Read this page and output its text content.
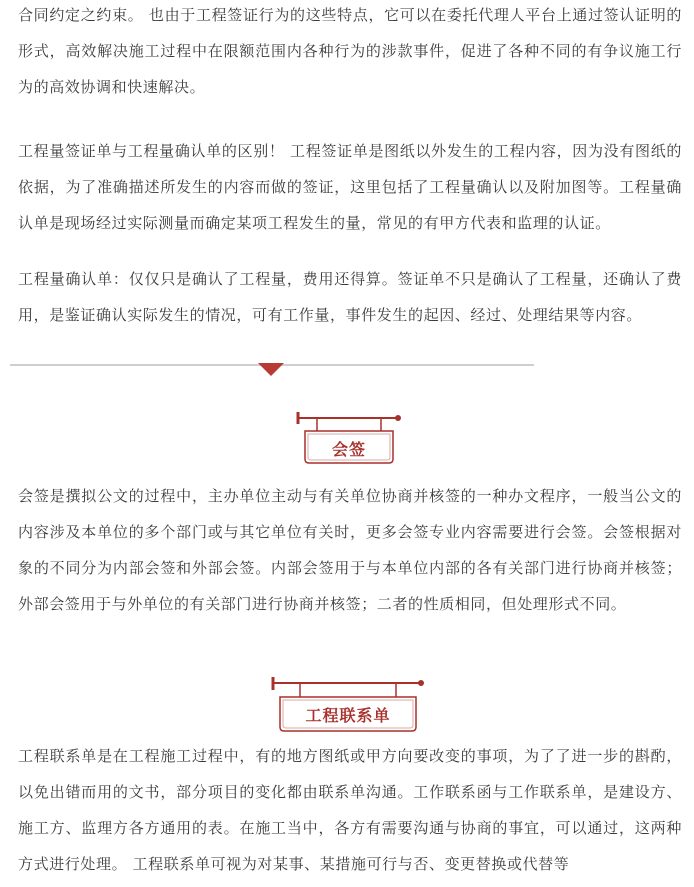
合同约定之约束。 也由于工程签证行为的这些特点，它可以在委托代理人平台上通过签认证明的形式，高效解决施工过程中在限额范围内各种行为的涉款事件，促进了各种不同的有争议施工行为的高效协调和快速解决。

工程量签证单与工程量确认单的区别！ 工程签证单是图纸以外发生的工程内容，因为没有图纸的依据，为了准确描述所发生的内容而做的签证，这里包括了工程量确认以及附加图等。工程量确认单是现场经过实际测量而确定某项工程发生的量，常见的有甲方代表和监理的认证。

工程量确认单：仅仅只是确认了工程量，费用还得算。签证单不只是确认了工程量，还确认了费用，是鉴证确认实际发生的情况，可有工作量，事件发生的起因、经过、处理结果等内容。

会签

会签是撰拟公文的过程中，主办单位主动与有关单位协商并核签的一种办文程序，一般当公文的内容涉及本单位的多个部门或与其它单位有关时，更多会签专业内容需要进行会签。会签根据对象的不同分为内部会签和外部会签。内部会签用于与本单位内部的各有关部门进行协商并核签；外部会签用于与外单位的有关部门进行协商并核签；二者的性质相同，但处理形式不同。

工程联系单

工程联系单是在工程施工过程中，有的地方图纸或甲方向要改变的事项，为了了进一步的斟酌，以免出错而用的文书，部分项目的变化都由联系单沟通。工作联系函与工作联系单，是建设方、施工方、监理方各方通用的表。在施工当中，各方有需要沟通与协商的事宜，可以通过，这两种方式进行处理。 工程联系单可视为对某事、某措施可行与否、变更替换或代替等
